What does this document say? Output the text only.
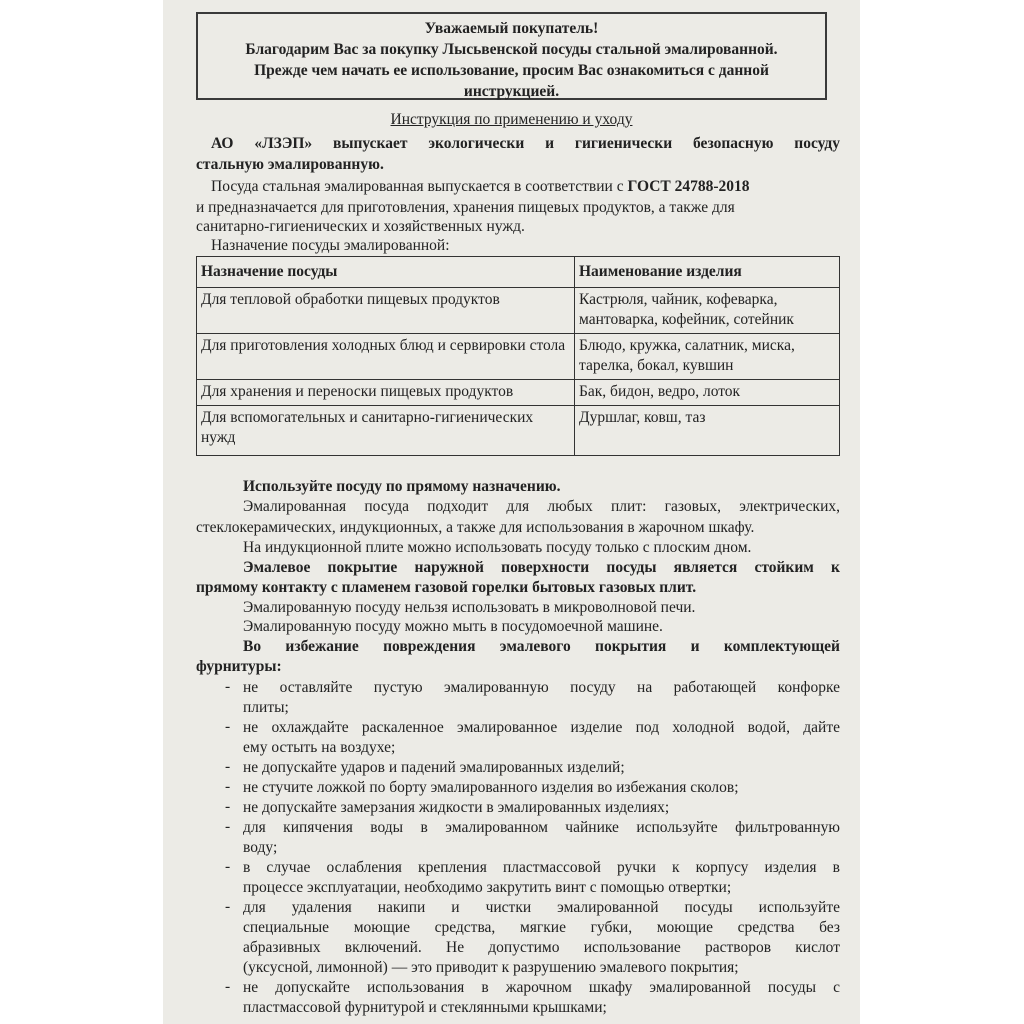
Уважаемый покупатель!
Благодарим Вас за покупку Лысьвенской посуды стальной эмалированной.
Прежде чем начать ее использование, просим Вас ознакомиться с данной
инструкцией.
Инструкция по применению и уходу
АО «ЛЗЭП» выпускает экологически и гигиенически безопасную посуду
стальную эмалированную.
Посуда стальная эмалированная выпускается в соответствии с ГОСТ 24788-2018
и предназначается для приготовления, хранения пищевых продуктов, а также для
санитарно-гигиенических и хозяйственных нужд.
Назначение посуды эмалированной:
Назначение посуды	Наименование изделия
Для тепловой обработки пищевых продуктов	Кастрюля, чайник, кофеварка, мантоварка, кофейник, сотейник
Для приготовления холодных блюд и сервировки стола	Блюдо, кружка, салатник, миска, тарелка, бокал, кувшин
Для хранения и переноски пищевых продуктов	Бак, бидон, ведро, лоток
Для вспомогательных и санитарно-гигиенических нужд	Дуршлаг, ковш, таз
Используйте посуду по прямому назначению.
Эмалированная посуда подходит для любых плит: газовых, электрических,
стеклокерамических, индукционных, а также для использования в жарочном шкафу.
На индукционной плите можно использовать посуду только с плоским дном.
Эмалевое покрытие наружной поверхности посуды является стойким к
прямому контакту с пламенем газовой горелки бытовых газовых плит.
Эмалированную посуду нельзя использовать в микроволновой печи.
Эмалированную посуду можно мыть в посудомоечной машине.
Во избежание повреждения эмалевого покрытия и комплектующей
фурнитуры:
- не оставляйте пустую эмалированную посуду на работающей конфорке
плиты;
- не охлаждайте раскаленное эмалированное изделие под холодной водой, дайте
ему остыть на воздухе;
- не допускайте ударов и падений эмалированных изделий;
- не стучите ложкой по борту эмалированного изделия во избежания сколов;
- не допускайте замерзания жидкости в эмалированных изделиях;
- для кипячения воды в эмалированном чайнике используйте фильтрованную
воду;
- в случае ослабления крепления пластмассовой ручки к корпусу изделия в
процессе эксплуатации, необходимо закрутить винт с помощью отвертки;
- для удаления накипи и чистки эмалированной посуды используйте
специальные моющие средства, мягкие губки, моющие средства без
абразивных включений. Не допустимо использование растворов кислот
(уксусной, лимонной) — это приводит к разрушению эмалевого покрытия;
- не допускайте использования в жарочном шкафу эмалированной посуды с
пластмассовой фурнитурой и стеклянными крышками;
